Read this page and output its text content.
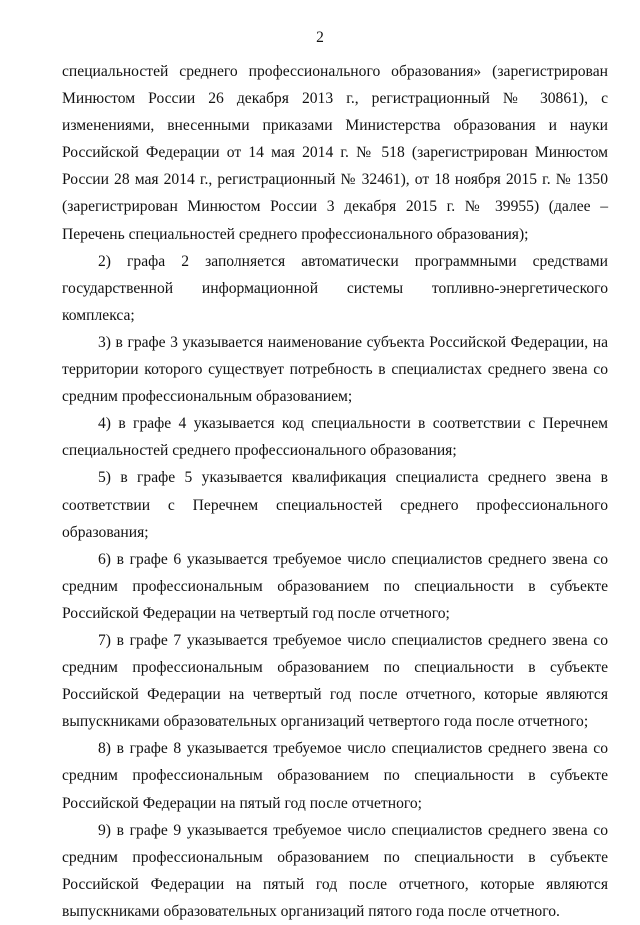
2

специальностей среднего профессионального образования» (зарегистрирован Минюстом России 26 декабря 2013 г., регистрационный № 30861), с изменениями, внесенными приказами Министерства образования и науки Российской Федерации от 14 мая 2014 г. № 518 (зарегистрирован Минюстом России 28 мая 2014 г., регистрационный № 32461), от 18 ноября 2015 г. № 1350 (зарегистрирован Минюстом России 3 декабря 2015 г. № 39955) (далее – Перечень специальностей среднего профессионального образования);

2) графа 2 заполняется автоматически программными средствами государственной информационной системы топливно-энергетического комплекса;

3) в графе 3 указывается наименование субъекта Российской Федерации, на территории которого существует потребность в специалистах среднего звена со средним профессиональным образованием;

4) в графе 4 указывается код специальности в соответствии с Перечнем специальностей среднего профессионального образования;

5) в графе 5 указывается квалификация специалиста среднего звена в соответствии с Перечнем специальностей среднего профессионального образования;

6) в графе 6 указывается требуемое число специалистов среднего звена со средним профессиональным образованием по специальности в субъекте Российской Федерации на четвертый год после отчетного;

7) в графе 7 указывается требуемое число специалистов среднего звена со средним профессиональным образованием по специальности в субъекте Российской Федерации на четвертый год после отчетного, которые являются выпускниками образовательных организаций четвертого года после отчетного;

8) в графе 8 указывается требуемое число специалистов среднего звена со средним профессиональным образованием по специальности в субъекте Российской Федерации на пятый год после отчетного;

9) в графе 9 указывается требуемое число специалистов среднего звена со средним профессиональным образованием по специальности в субъекте Российской Федерации на пятый год после отчетного, которые являются выпускниками образовательных организаций пятого года после отчетного.
